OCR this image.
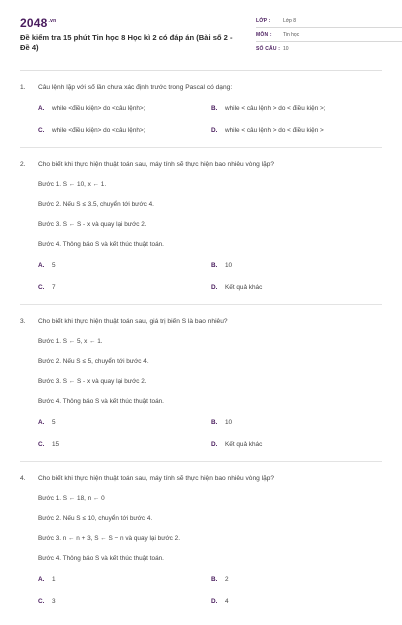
$2048^{.vn}$
Đề kiểm tra 15 phút Tin học 8 Học kì 2 có đáp án (Bài số 2 - Đề 4)
LỚP :	Lớp 8
MÔN :	Tin học
SỐ CÂU : 10
1.	Câu lệnh lặp với số lần chưa xác định trước trong Pascal có dạng:
A.	while <điều kiện> do <câu lệnh>;	B.	while < câu lệnh > do < điều kiện >;
C.	while <điều kiện> do <câu lệnh>;	D.	while < câu lệnh > do < điều kiện >
2.	Cho biết khi thực hiện thuật toán sau, máy tính sẽ thực hiện bao nhiêu vòng lặp?
Bước 1. S ← 10, x ← 1.
Bước 2. Nếu S ≤ 3.5, chuyển tới bước 4.
Bước 3. S ← S - x và quay lại bước 2.
Bước 4. Thông báo S và kết thúc thuật toán.
A.	5	B.	10
C.	7	D.	Kết quả khác
3.	Cho biết khi thực hiện thuật toán sau, giá trị biến S là bao nhiêu?
Bước 1. S ← 5, x ← 1.
Bước 2. Nếu S ≤ 5, chuyển tới bước 4.
Bước 3. S ← S - x và quay lại bước 2.
Bước 4. Thông báo S và kết thúc thuật toán.
A.	5	B.	10
C.	15	D.	Kết quả khác
4.	Cho biết khi thực hiện thuật toán sau, máy tính sẽ thực hiện bao nhiêu vòng lặp?
Bước 1. S ← 18, n ← 0
Bước 2. Nếu S ≤ 10, chuyển tới bước 4.
Bước 3. n ← n + 3, S ← S − n và quay lại bước 2.
Bước 4. Thông báo S và kết thúc thuật toán.
A.	1	B.	2
C.	3	D.	4
